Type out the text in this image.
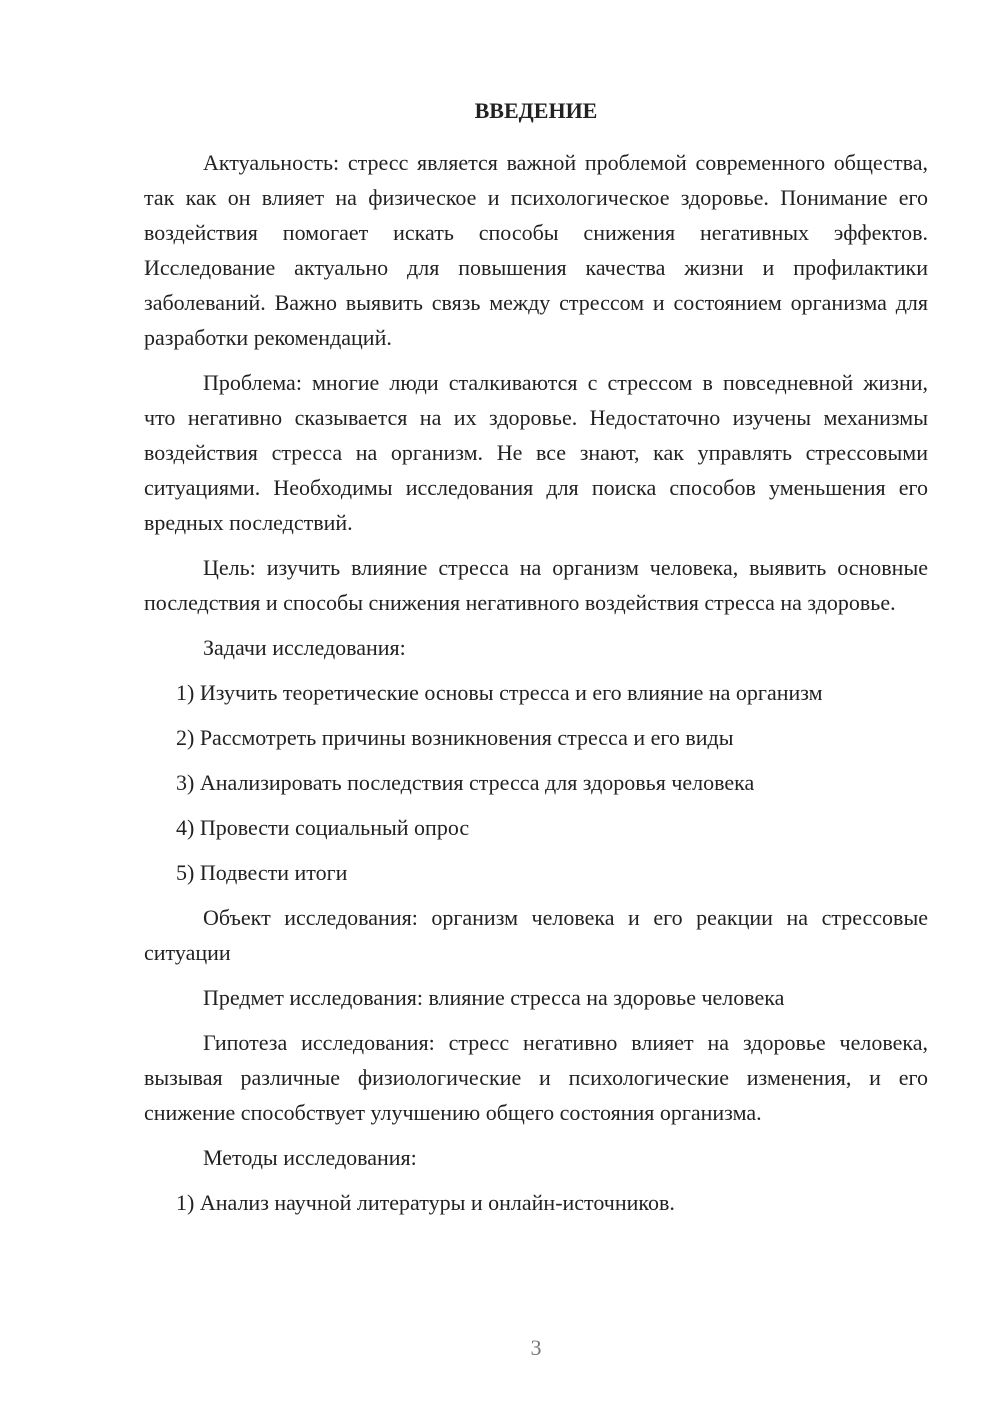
ВВЕДЕНИЕ

Актуальность: стресс является важной проблемой современного общества, так как он влияет на физическое и психологическое здоровье. Понимание его воздействия помогает искать способы снижения негативных эффектов. Исследование актуально для повышения качества жизни и профилактики заболеваний. Важно выявить связь между стрессом и состоянием организма для разработки рекомендаций.

Проблема: многие люди сталкиваются с стрессом в повседневной жизни, что негативно сказывается на их здоровье. Недостаточно изучены механизмы воздействия стресса на организм. Не все знают, как управлять стрессовыми ситуациями. Необходимы исследования для поиска способов уменьшения его вредных последствий.

Цель: изучить влияние стресса на организм человека, выявить основные последствия и способы снижения негативного воздействия стресса на здоровье.

Задачи исследования:

1) Изучить теоретические основы стресса и его влияние на организм
2) Рассмотреть причины возникновения стресса и его виды
3) Анализировать последствия стресса для здоровья человека
4) Провести социальный опрос
5) Подвести итоги

Объект исследования: организм человека и его реакции на стрессовые ситуации

Предмет исследования: влияние стресса на здоровье человека

Гипотеза исследования: стресс негативно влияет на здоровье человека, вызывая различные физиологические и психологические изменения, и его снижение способствует улучшению общего состояния организма.

Методы исследования:

1) Анализ научной литературы и онлайн-источников.
3
